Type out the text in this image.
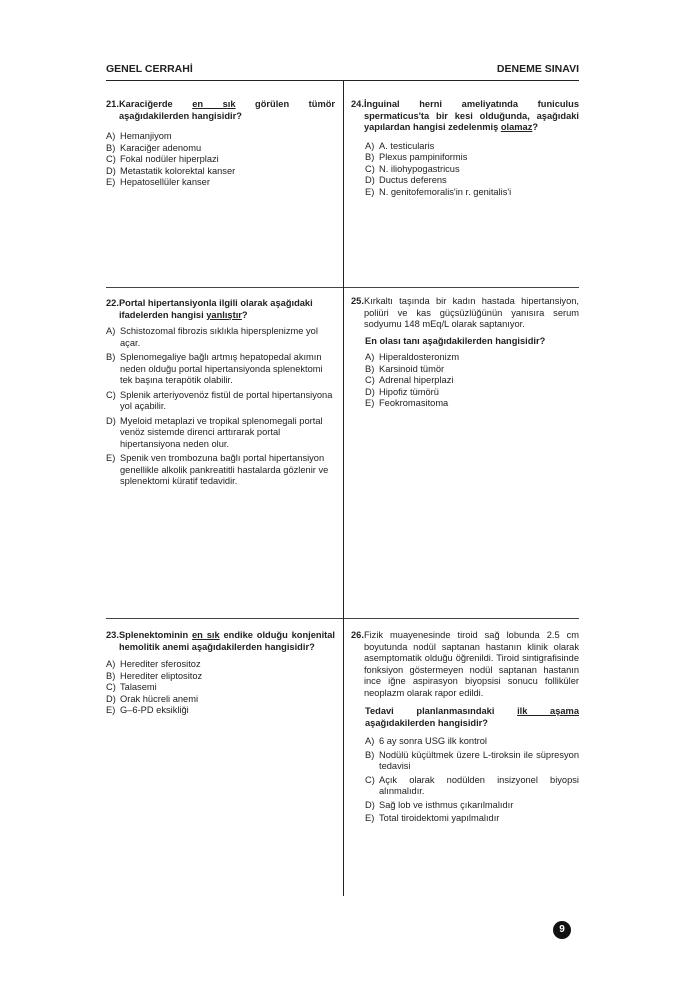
GENEL CERRAHİ	DENEME SINAVI
21. Karaciğerde en sık görülen tümör aşağıdakilerden hangisidir?
A) Hemanjiyom
B) Karaciğer adenomu
C) Fokal nodüler hiperplazi
D) Metastatik kolorektal kanser
E) Hepatosellüler kanser
24. İnguinal herni ameliyatında funiculus spermaticus'ta bir kesi olduğunda, aşağıdaki yapılardan hangisi zedelenmiş olamaz?
A) A. testicularis
B) Plexus pampiniformis
C) N. iliohypogastricus
D) Ductus deferens
E) N. genitofemoralis'in r. genitalis'i
22. Portal hipertansiyonla ilgili olarak aşağıdaki ifadelerden hangisi yanlıştır?
A) Schistozomal fibrozis sıklıkla hipersplenizme yol açar.
B) Splenomegaliye bağlı artmış hepatopedal akımın neden olduğu portal hipertansiyonda splenektomi tek başına terapötik olabilir.
C) Splenik arteriyovenöz fistül de portal hipertansiyona yol açabilir.
D) Myeloid metaplazi ve tropikal splenomegali portal venöz sistemde direnci arttırarak portal hipertansiyona neden olur.
E) Spenik ven trombozuna bağlı portal hipertansiyon genellikle alkolik pankreatitli hastalarda gözlenir ve splenektomi küratif tedavidir.
25. Kırkaltı taşında bir kadın hastada hipertansiyon, poliüri ve kas güçsüzlüğünün yanısıra serum sodyumu 148 mEq/L olarak saptanıyor.
En olası tanı aşağıdakilerden hangisidir?
A) Hiperaldosteronizm
B) Karsinoid tümör
C) Adrenal hiperplazi
D) Hipofiz tümörü
E) Feokromasitoma
23. Splenektominin en sık endike olduğu konjenital hemolitik anemi aşağıdakilerden hangisidir?
A) Herediter sferositoz
B) Herediter eliptositoz
C) Talasemi
D) Orak hücreli anemi
E) G–6-PD eksikliği
26. Fizik muayenesinde tiroid sağ lobunda 2.5 cm boyutunda nodül saptanan hastanın klinik olarak asemptomatik olduğu öğrenildi. Tiroid sintigrafisinde fonksiyon göstermeyen nodül saptanan hastanın ince iğne aspirasyon biyopsisi sonucu folliküler neoplazm olarak rapor edildi.
Tedavi planlanmasındaki ilk aşama aşağıdakilerden hangisidir?
A) 6 ay sonra USG ilk kontrol
B) Nodülü küçültmek üzere L-tiroksin ile süpresyon tedavisi
C) Açık olarak nodülden insizyonel biyopsi alınmalıdır.
D) Sağ lob ve isthmus çıkarılmalıdır
E) Total tiroidektomi yapılmalıdır
9
